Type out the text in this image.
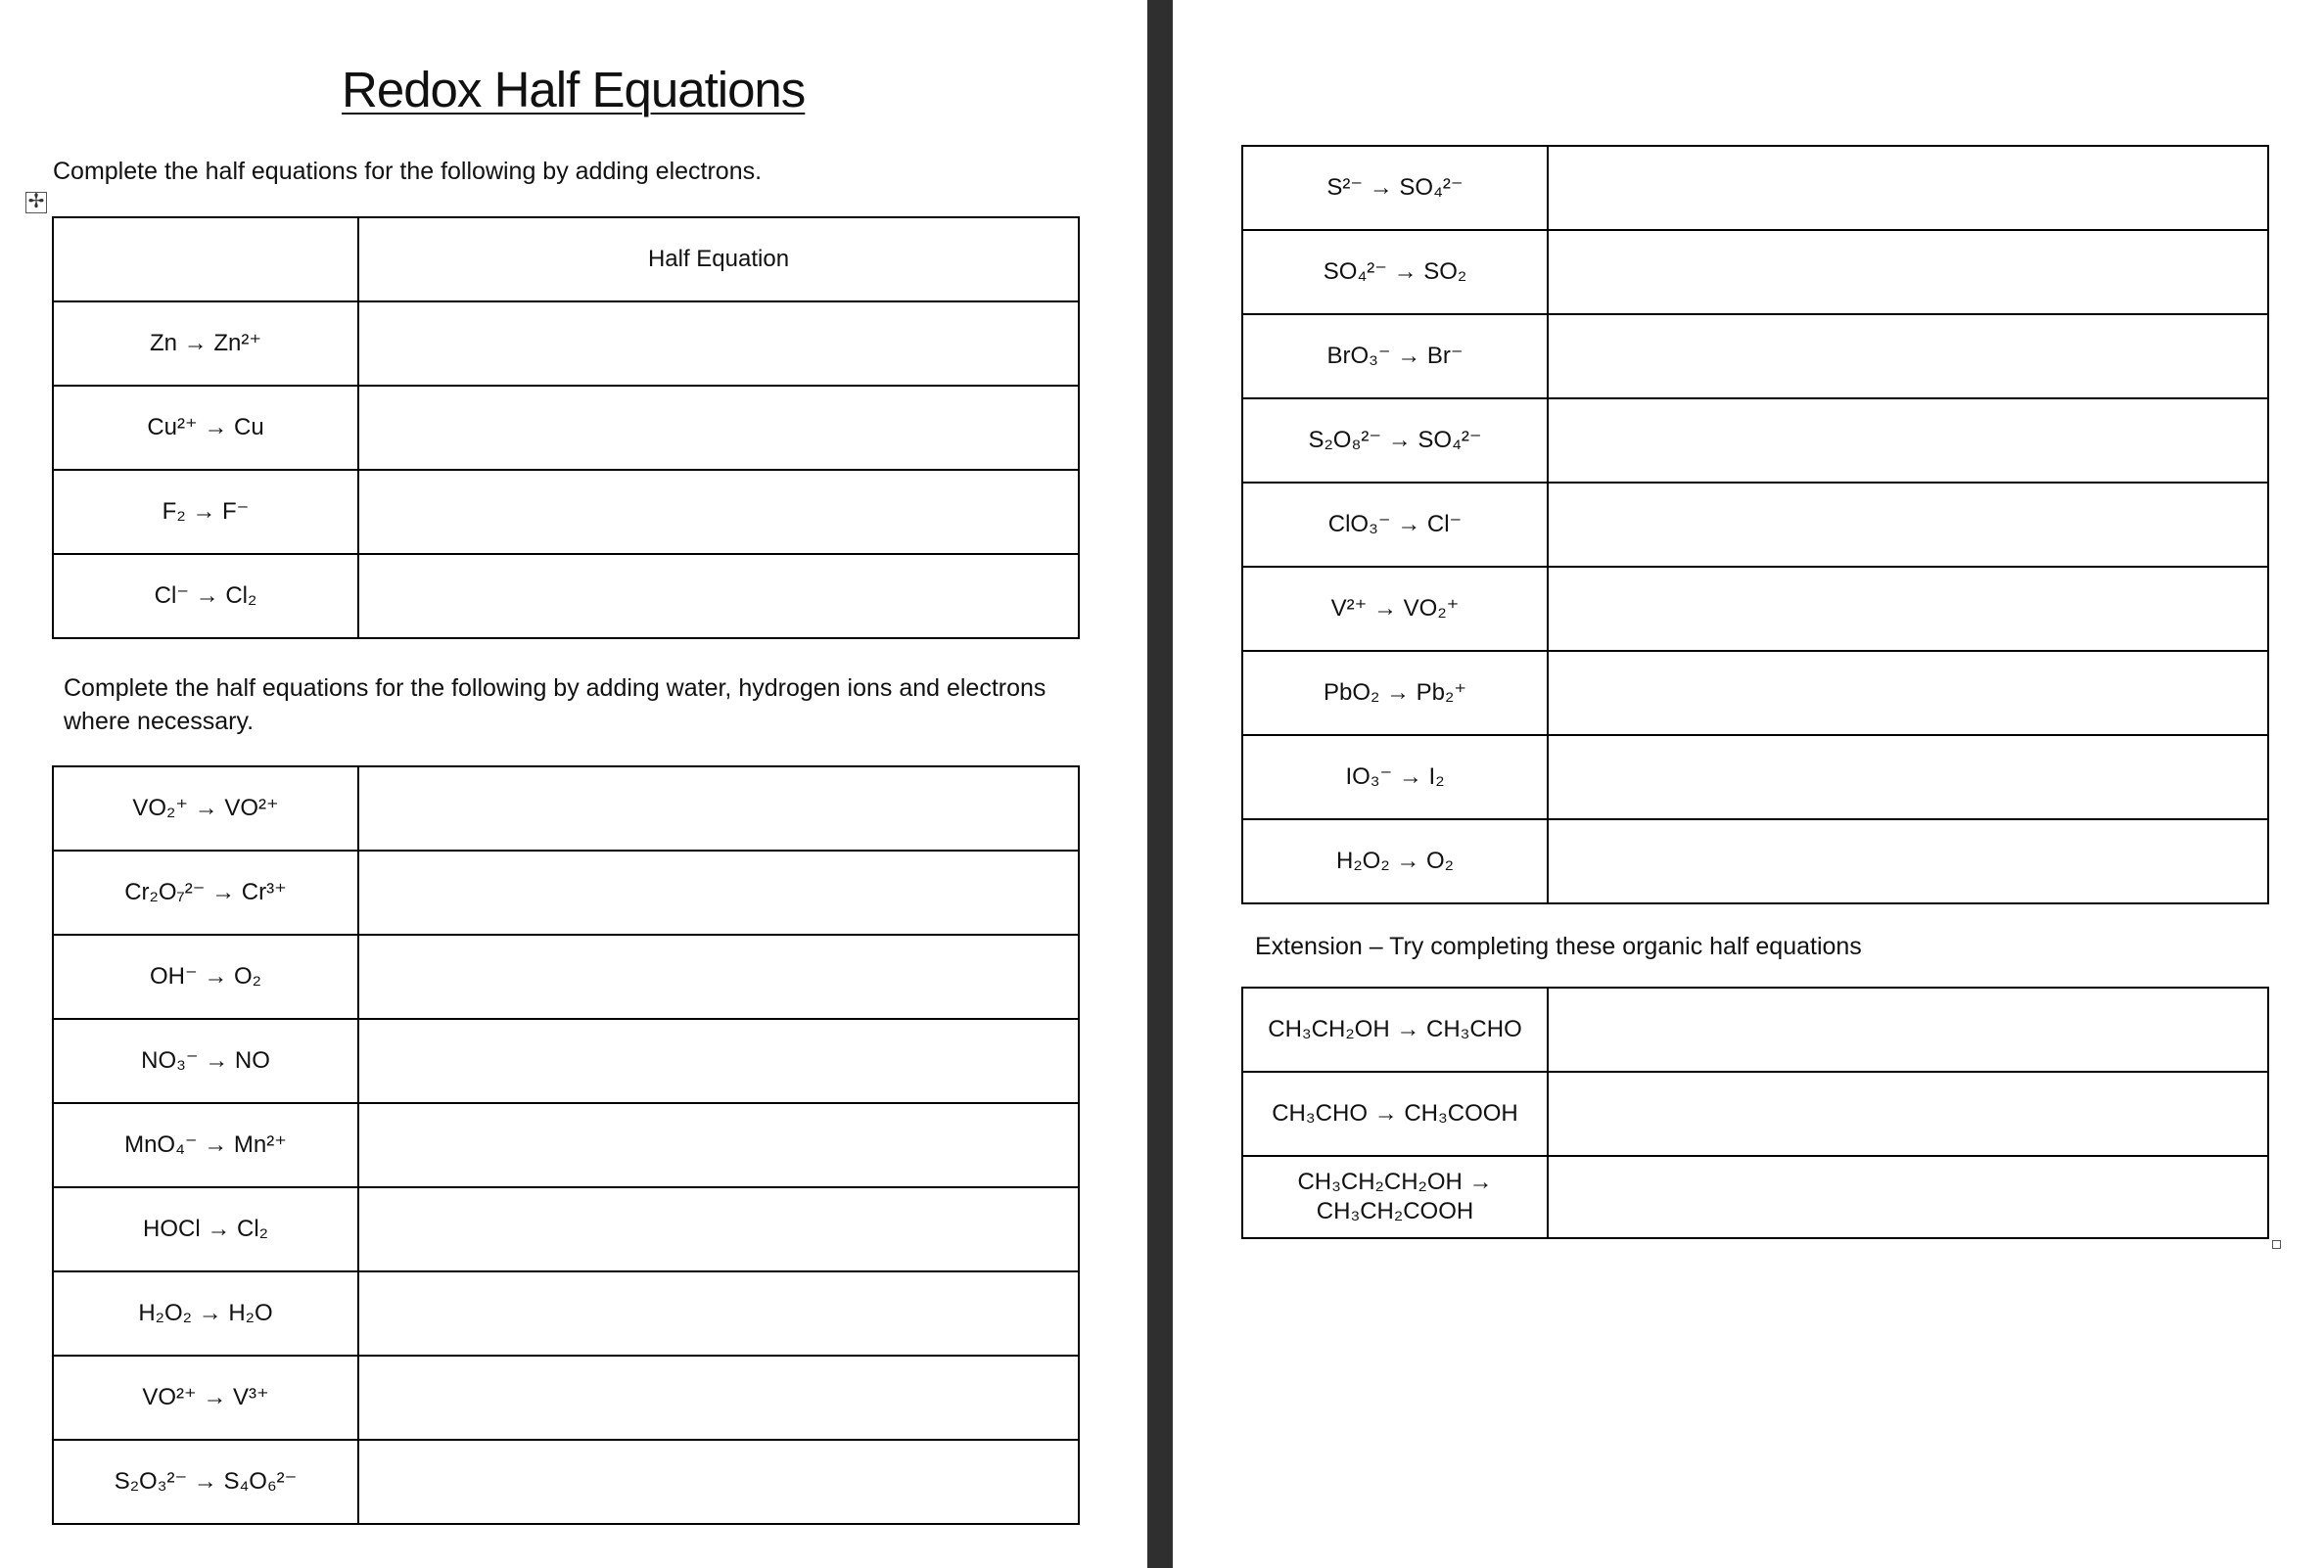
Redox Half Equations

Complete the half equations for the following by adding electrons.

✢
	Half Equation
Zn → Zn²⁺	
Cu²⁺ → Cu	
F₂ → F⁻	
Cl⁻ → Cl₂	

Complete the half equations for the following by adding water, hydrogen ions and electrons where necessary.

VO₂⁺ → VO²⁺	
Cr₂O₇²⁻ → Cr³⁺	
OH⁻ → O₂	
NO₃⁻ → NO	
MnO₄⁻ → Mn²⁺	
HOCl → Cl₂	
H₂O₂ → H₂O	
VO²⁺ → V³⁺	
S₂O₃²⁻ → S₄O₆²⁻	
S²⁻ → SO₄²⁻	
SO₄²⁻ → SO₂	
BrO₃⁻ → Br⁻	
S₂O₈²⁻ → SO₄²⁻	
ClO₃⁻ → Cl⁻	
V²⁺ → VO₂⁺	
PbO₂ → Pb₂⁺	
IO₃⁻ → I₂	
H₂O₂ → O₂	

Extension – Try completing these organic half equations

CH₃CH₂OH → CH₃CHO	
CH₃CHO → CH₃COOH	
CH₃CH₂CH₂OH → CH₃CH₂COOH	
